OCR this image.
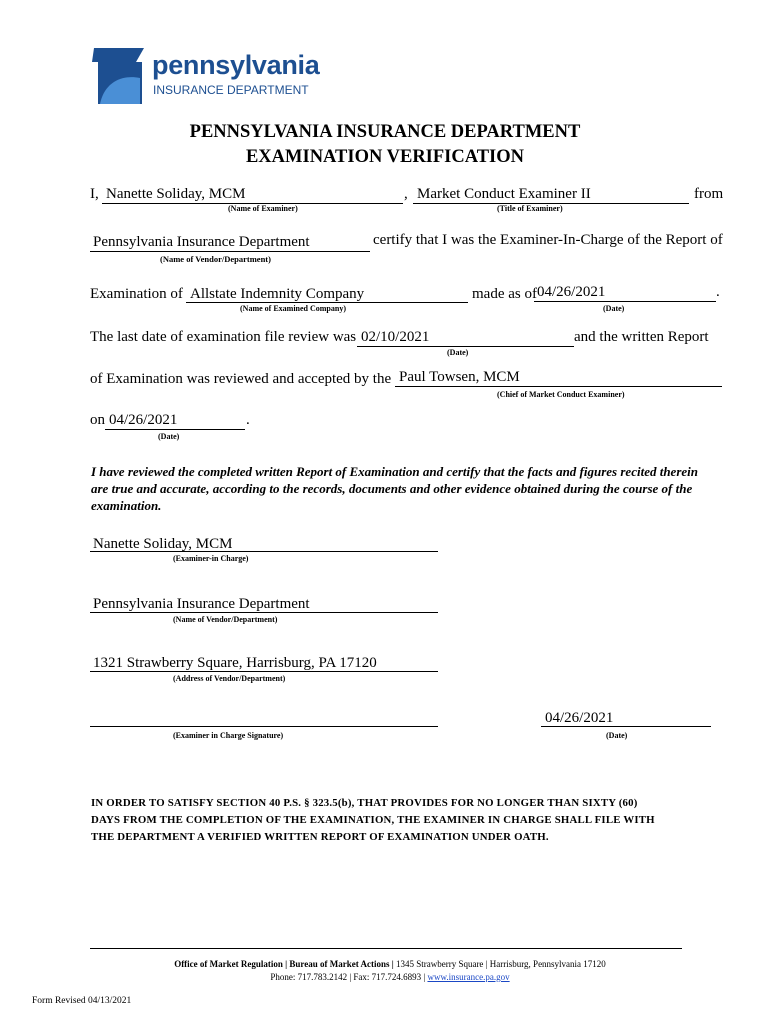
pennsylvania
INSURANCE DEPARTMENT
PENNSYLVANIA INSURANCE DEPARTMENT
EXAMINATION VERIFICATION
I, Nanette Soliday, MCM	, Market Conduct Examiner II	from
(Name of Examiner)	(Title of Examiner)
Pennsylvania Insurance Department	certify that I was the Examiner-In-Charge of the Report of
(Name of Vendor/Department)
Examination of Allstate Indemnity Company	made as of 04/26/2021	.
(Name of Examined Company)	(Date)
The last date of examination file review was 02/10/2021	and the written Report
(Date)
of Examination was reviewed and accepted by the Paul Towsen, MCM
(Chief of Market Conduct Examiner)
on 04/26/2021	.
(Date)
I have reviewed the completed written Report of Examination and certify that the facts and figures recited therein are true and accurate, according to the records, documents and other evidence obtained during the course of the examination.
Nanette Soliday, MCM
(Examiner-in Charge)
Pennsylvania Insurance Department
(Name of Vendor/Department)
1321 Strawberry Square, Harrisburg, PA 17120
(Address of Vendor/Department)
(Examiner in Charge Signature)
04/26/2021
(Date)
IN ORDER TO SATISFY SECTION 40 P.S. § 323.5(b), THAT PROVIDES FOR NO LONGER THAN SIXTY (60) DAYS FROM THE COMPLETION OF THE EXAMINATION, THE EXAMINER IN CHARGE SHALL FILE WITH THE DEPARTMENT A VERIFIED WRITTEN REPORT OF EXAMINATION UNDER OATH.
Office of Market Regulation | Bureau of Market Actions | 1345 Strawberry Square | Harrisburg, Pennsylvania 17120
Phone: 717.783.2142 | Fax: 717.724.6893 | www.insurance.pa.gov
Form Revised 04/13/2021
